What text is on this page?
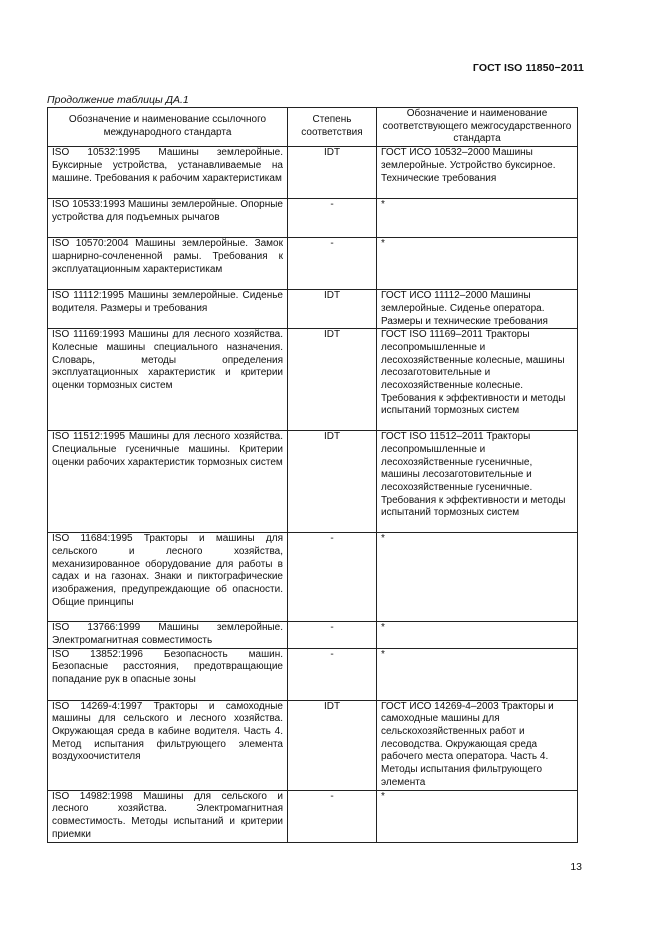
ГОСТ ISO 11850−2011
Продолжение таблицы ДА.1
Обозначение и наименование ссылочного международного стандарта	Степень соответствия	Обозначение и наименование соответствующего межгосударственного стандарта
ISO 10532:1995 Машины землеройные. Буксирные устройства, устанавливаемые на машине. Требования к рабочим характеристикам	IDT	ГОСТ ИСО 10532–2000 Машины землеройные. Устройство буксирное. Технические требования
ISO 10533:1993 Машины землеройные. Опорные устройства для подъемных рычагов	-	*
ISO 10570:2004 Машины землеройные. Замок шарнирно-сочлененной рамы. Требования к эксплуатационным характеристикам	-	*
ISO 11112:1995 Машины землеройные. Сиденье водителя. Размеры и требования	IDT	ГОСТ ИСО 11112–2000 Машины землеройные. Сиденье оператора. Размеры и технические требования
ISO 11169:1993 Машины для лесного хозяйства. Колесные машины специального назначения. Словарь, методы определения эксплуатационных характеристик и критерии оценки тормозных систем	IDT	ГОСТ ISO 11169–2011 Тракторы лесопромышленные и лесохозяйственные колесные, машины лесозаготовительные и лесохозяйственные колесные. Требования к эффективности и методы испытаний тормозных систем
ISO 11512:1995 Машины для лесного хозяйства. Специальные гусеничные машины. Критерии оценки рабочих характеристик тормозных систем	IDT	ГОСТ ISO 11512–2011 Тракторы лесопромышленные и лесохозяйственные гусеничные, машины лесозаготовительные и лесохозяйственные гусеничные. Требования к эффективности и методы испытаний тормозных систем
ISO 11684:1995 Тракторы и машины для сельского и лесного хозяйства, механизированное оборудование для работы в садах и на газонах. Знаки и пиктографические изображения, предупреждающие об опасности. Общие принципы	-	*
ISO 13766:1999 Машины землеройные. Электромагнитная совместимость	-	*
ISO 13852:1996 Безопасность машин. Безопасные расстояния, предотвращающие попадание рук в опасные зоны	-	*
ISO 14269-4:1997 Тракторы и самоходные машины для сельского и лесного хозяйства. Окружающая среда в кабине водителя. Часть 4. Метод испытания фильтрующего элемента воздухоочистителя	IDT	ГОСТ ИСО 14269-4–2003 Тракторы и самоходные машины для сельскохозяйственных работ и лесоводства. Окружающая среда рабочего места оператора. Часть 4. Методы испытания фильтрующего элемента
ISO 14982:1998 Машины для сельского и лесного хозяйства. Электромагнитная совместимость. Методы испытаний и критерии приемки	-	*
13
